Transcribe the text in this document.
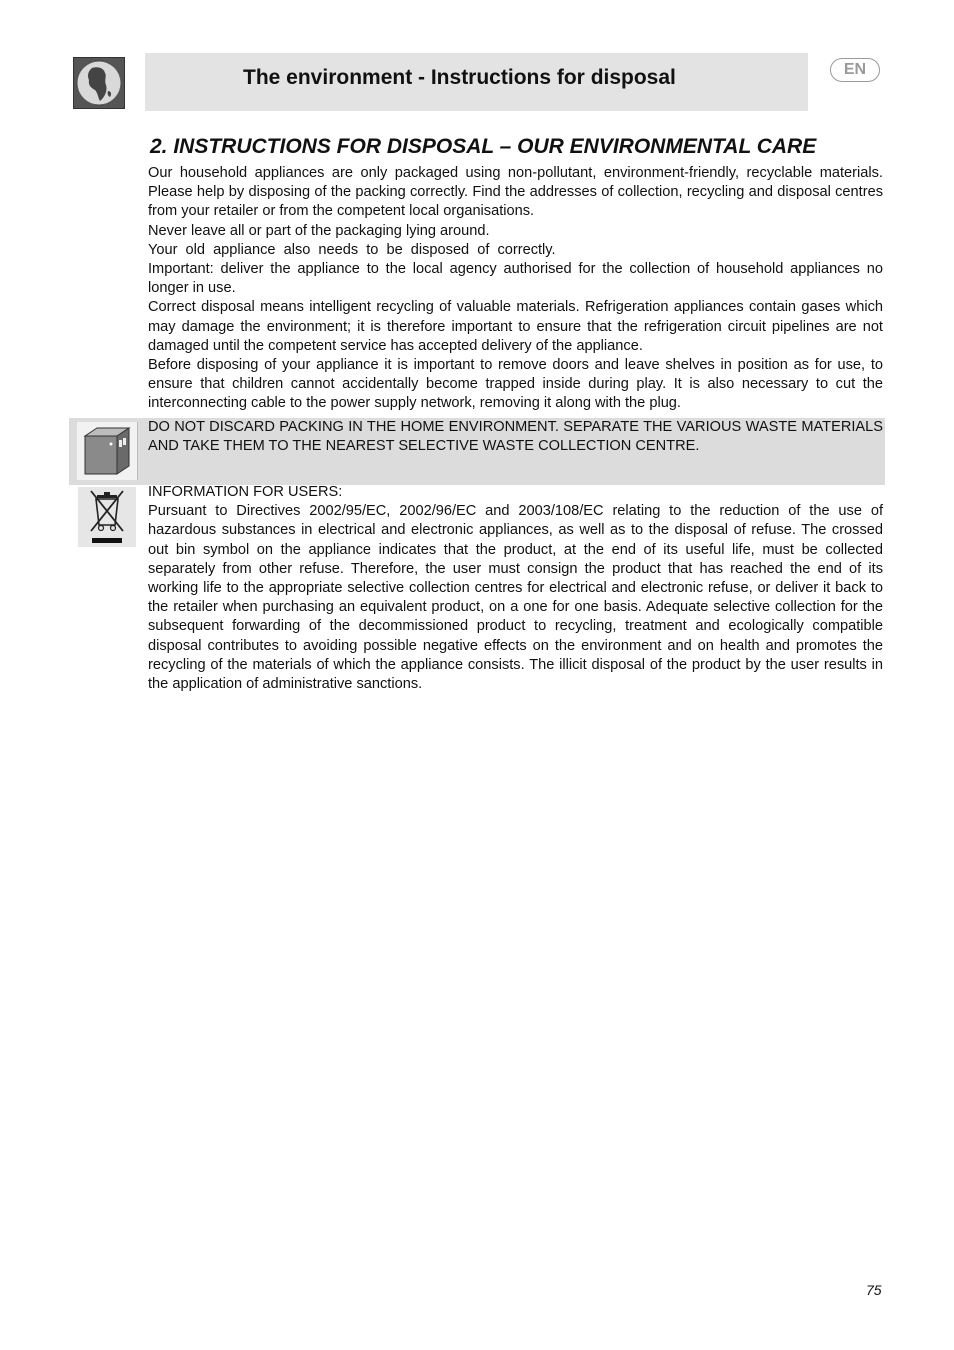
The environment - Instructions for disposal	EN
2. INSTRUCTIONS FOR DISPOSAL – OUR ENVIRONMENTAL CARE

Our household appliances are only packaged using non-pollutant, environment-friendly, recyclable materials. Please help by disposing of the packing correctly. Find the addresses of collection, recycling and disposal centres from your retailer or from the competent local organisations.

Never leave all or part of the packaging lying around.

Your old appliance also needs to be disposed of correctly.

Important: deliver the appliance to the local agency authorised for the collection of household appliances no longer in use.

Correct disposal means intelligent recycling of valuable materials. Refrigeration appliances contain gases which may damage the environment; it is therefore important to ensure that the refrigeration circuit pipelines are not damaged until the competent service has accepted delivery of the appliance.

Before disposing of your appliance it is important to remove doors and leave shelves in position as for use, to ensure that children cannot accidentally become trapped inside during play. It is also necessary to cut the interconnecting cable to the power supply network, removing it along with the plug.

DO NOT DISCARD PACKING IN THE HOME ENVIRONMENT. SEPARATE THE VARIOUS WASTE MATERIALS AND TAKE THEM TO THE NEAREST SELECTIVE WASTE COLLECTION CENTRE.

INFORMATION FOR USERS:

Pursuant to Directives 2002/95/EC, 2002/96/EC and 2003/108/EC relating to the reduction of the use of hazardous substances in electrical and electronic appliances, as well as to the disposal of refuse. The crossed out bin symbol on the appliance indicates that the product, at the end of its useful life, must be collected separately from other refuse. Therefore, the user must consign the product that has reached the end of its working life to the appropriate selective collection centres for electrical and electronic refuse, or deliver it back to the retailer when purchasing an equivalent product, on a one for one basis. Adequate selective collection for the subsequent forwarding of the decommissioned product to recycling, treatment and ecologically compatible disposal contributes to avoiding possible negative effects on the environment and on health and promotes the recycling of the materials of which the appliance consists. The illicit disposal of the product by the user results in the application of administrative sanctions.

75
